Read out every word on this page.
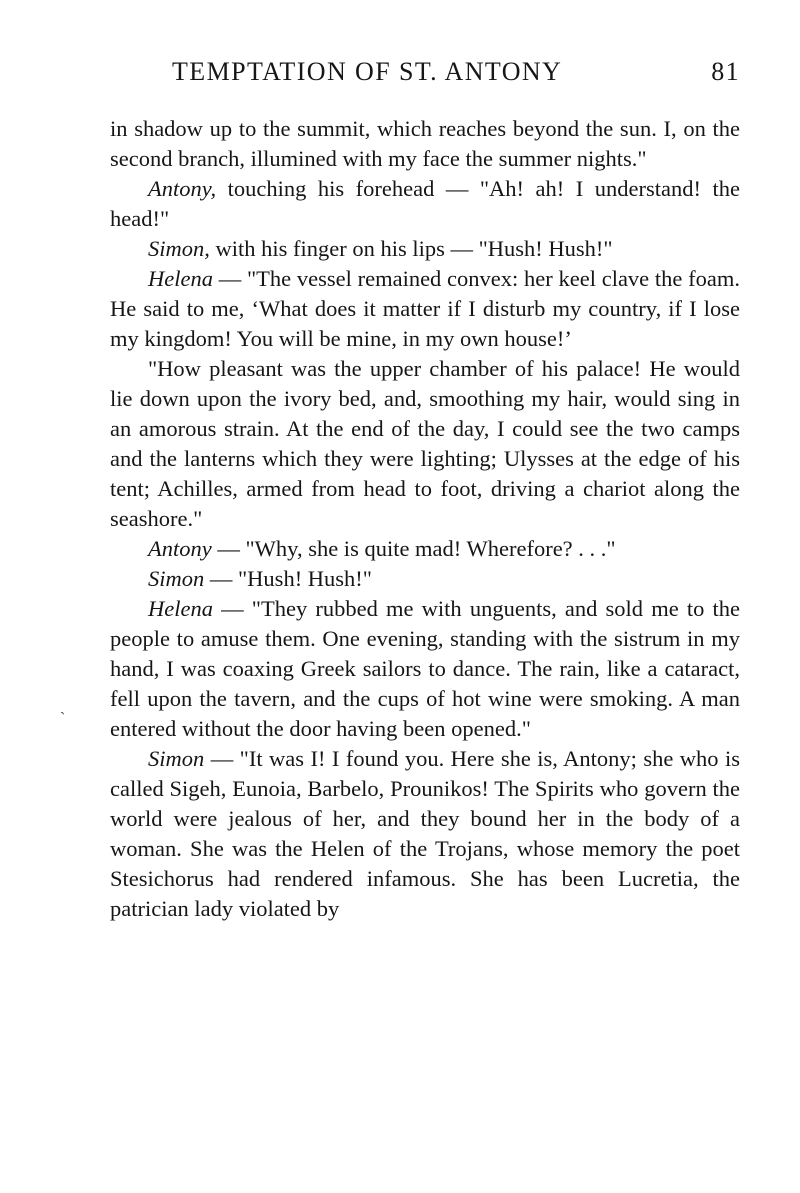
TEMPTATION OF ST. ANTONY	81
`

in shadow up to the summit, which reaches beyond the sun. I, on the second branch, illumined with my face the summer nights."

Antony, touching his forehead — "Ah! ah! I understand! the head!"

Simon, with his finger on his lips — "Hush! Hush!"

Helena — "The vessel remained convex: her keel clave the foam. He said to me, ‘What does it matter if I disturb my country, if I lose my kingdom! You will be mine, in my own house!’

"How pleasant was the upper chamber of his palace! He would lie down upon the ivory bed, and, smoothing my hair, would sing in an amorous strain. At the end of the day, I could see the two camps and the lanterns which they were lighting; Ulysses at the edge of his tent; Achilles, armed from head to foot, driving a chariot along the seashore."

Antony — "Why, she is quite mad! Wherefore? . . ."

Simon — "Hush! Hush!"

Helena — "They rubbed me with unguents, and sold me to the people to amuse them. One evening, standing with the sistrum in my hand, I was coaxing Greek sailors to dance. The rain, like a cataract, fell upon the tavern, and the cups of hot wine were smoking. A man entered without the door having been opened."

Simon — "It was I! I found you. Here she is, Antony; she who is called Sigeh, Eunoia, Barbelo, Prounikos! The Spirits who govern the world were jealous of her, and they bound her in the body of a woman. She was the Helen of the Trojans, whose memory the poet Stesichorus had rendered infamous. She has been Lucretia, the patrician lady violated by
